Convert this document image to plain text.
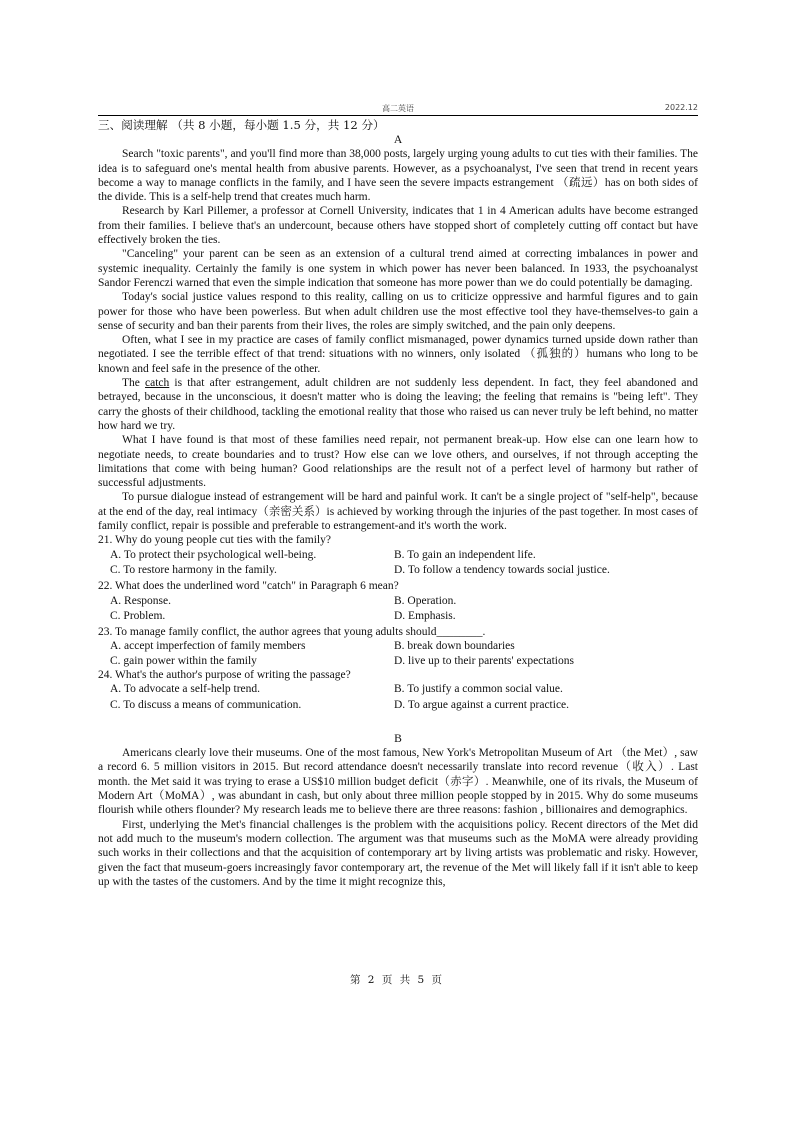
高二英语	2022.12
三、阅读理解 （共 8 小题，每小题 1.5 分，共 12 分）
A

Search "toxic parents", and you'll find more than 38,000 posts, largely urging young adults to cut ties with their families. The idea is to safeguard one's mental health from abusive parents. However, as a psychoanalyst, I've seen that trend in recent years become a way to manage conflicts in the family, and I have seen the severe impacts estrangement （疏远）has on both sides of the divide. This is a self-help trend that creates much harm.

Research by Karl Pillemer, a professor at Cornell University, indicates that 1 in 4 American adults have become estranged from their families. I believe that's an undercount, because others have stopped short of completely cutting off contact but have effectively broken the ties.

"Canceling" your parent can be seen as an extension of a cultural trend aimed at correcting imbalances in power and systemic inequality. Certainly the family is one system in which power has never been balanced. In 1933, the psychoanalyst Sandor Ferenczi warned that even the simple indication that someone has more power than we do could potentially be damaging.

Today's social justice values respond to this reality, calling on us to criticize oppressive and harmful figures and to gain power for those who have been powerless. But when adult children use the most effective tool they have-themselves-to gain a sense of security and ban their parents from their lives, the roles are simply switched, and the pain only deepens.

Often, what I see in my practice are cases of family conflict mismanaged, power dynamics turned upside down rather than negotiated. I see the terrible effect of that trend: situations with no winners, only isolated （孤独的）humans who long to be known and feel safe in the presence of the other.

The catch is that after estrangement, adult children are not suddenly less dependent. In fact, they feel abandoned and betrayed, because in the unconscious, it doesn't matter who is doing the leaving; the feeling that remains is "being left". They carry the ghosts of their childhood, tackling the emotional reality that those who raised us can never truly be left behind, no matter how hard we try.

What I have found is that most of these families need repair, not permanent break-up. How else can one learn how to negotiate needs, to create boundaries and to trust? How else can we love others, and ourselves, if not through accepting the limitations that come with being human? Good relationships are the result not of a perfect level of harmony but rather of successful adjustments.

To pursue dialogue instead of estrangement will be hard and painful work. It can't be a single project of "self-help", because at the end of the day, real intimacy（亲密关系）is achieved by working through the injuries of the past together. In most cases of family conflict, repair is possible and preferable to estrangement-and it's worth the work.

21. Why do young people cut ties with the family?
A. To protect their psychological well-being.	B. To gain an independent life.
C. To restore harmony in the family.	D. To follow a tendency towards social justice.
22. What does the underlined word "catch" in Paragraph 6 mean?
A. Response.	B. Operation.
C. Problem.	D. Emphasis.
23. To manage family conflict, the author agrees that young adults should________.
A. accept imperfection of family members	B. break down boundaries
C. gain power within the family	D. live up to their parents' expectations
24. What's the author's purpose of writing the passage?
A. To advocate a self-help trend.	B. To justify a common social value.
C. To discuss a means of communication.	D. To argue against a current practice.
B

Americans clearly love their museums. One of the most famous, New York's Metropolitan Museum of Art （the Met）, saw a record 6. 5 million visitors in 2015. But record attendance doesn't necessarily translate into record revenue（收入）. Last month. the Met said it was trying to erase a US$10 million budget deficit（赤字）. Meanwhile, one of its rivals, the Museum of Modern Art（MoMA）, was abundant in cash, but only about three million people stopped by in 2015. Why do some museums flourish while others flounder? My research leads me to believe there are three reasons: fashion , billionaires and demographics.

First, underlying the Met's financial challenges is the problem with the acquisitions policy. Recent directors of the Met did not add much to the museum's modern collection. The argument was that museums such as the MoMA were already providing such works in their collections and that the acquisition of contemporary art by living artists was problematic and risky. However, given the fact that museum-goers increasingly favor contemporary art, the revenue of the Met will likely fall if it isn't able to keep up with the tastes of the customers. And by the time it might recognize this,

第 2 页 共 5 页
